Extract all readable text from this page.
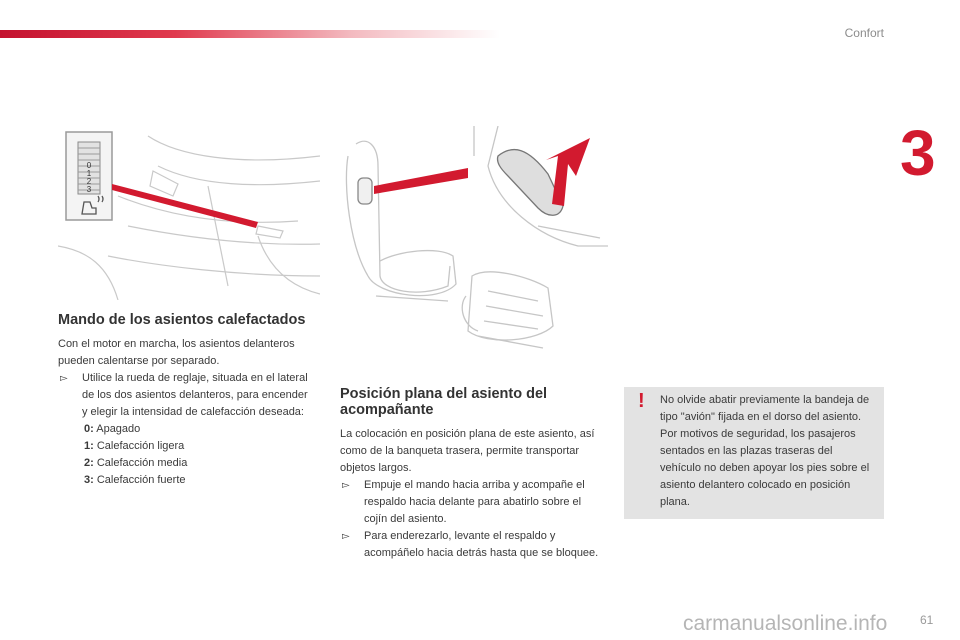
Confort
3
0
1
2
3
Mando de los asientos calefactados

Con el motor en marcha, los asientos delanteros pueden calentarse por separado.

▻ Utilice la rueda de reglaje, situada en el lateral de los dos asientos delanteros, para encender y elegir la intensidad de calefacción deseada:
0: Apagado
1: Calefacción ligera
2: Calefacción media
3: Calefacción fuerte
Posición plana del asiento del acompañante

La colocación en posición plana de este asiento, así como de la banqueta trasera, permite transportar objetos largos.

▻ Empuje el mando hacia arriba y acompañe el respaldo hacia delante para abatirlo sobre el cojín del asiento.
▻ Para enderezarlo, levante el respaldo y acompáñelo hacia detrás hasta que se bloquee.
! No olvide abatir previamente la bandeja de tipo "avión" fijada en el dorso del asiento. Por motivos de seguridad, los pasajeros sentados en las plazas traseras del vehículo no deben apoyar los pies sobre el asiento delantero colocado en posición plana.
carmanualsonline.info	61
